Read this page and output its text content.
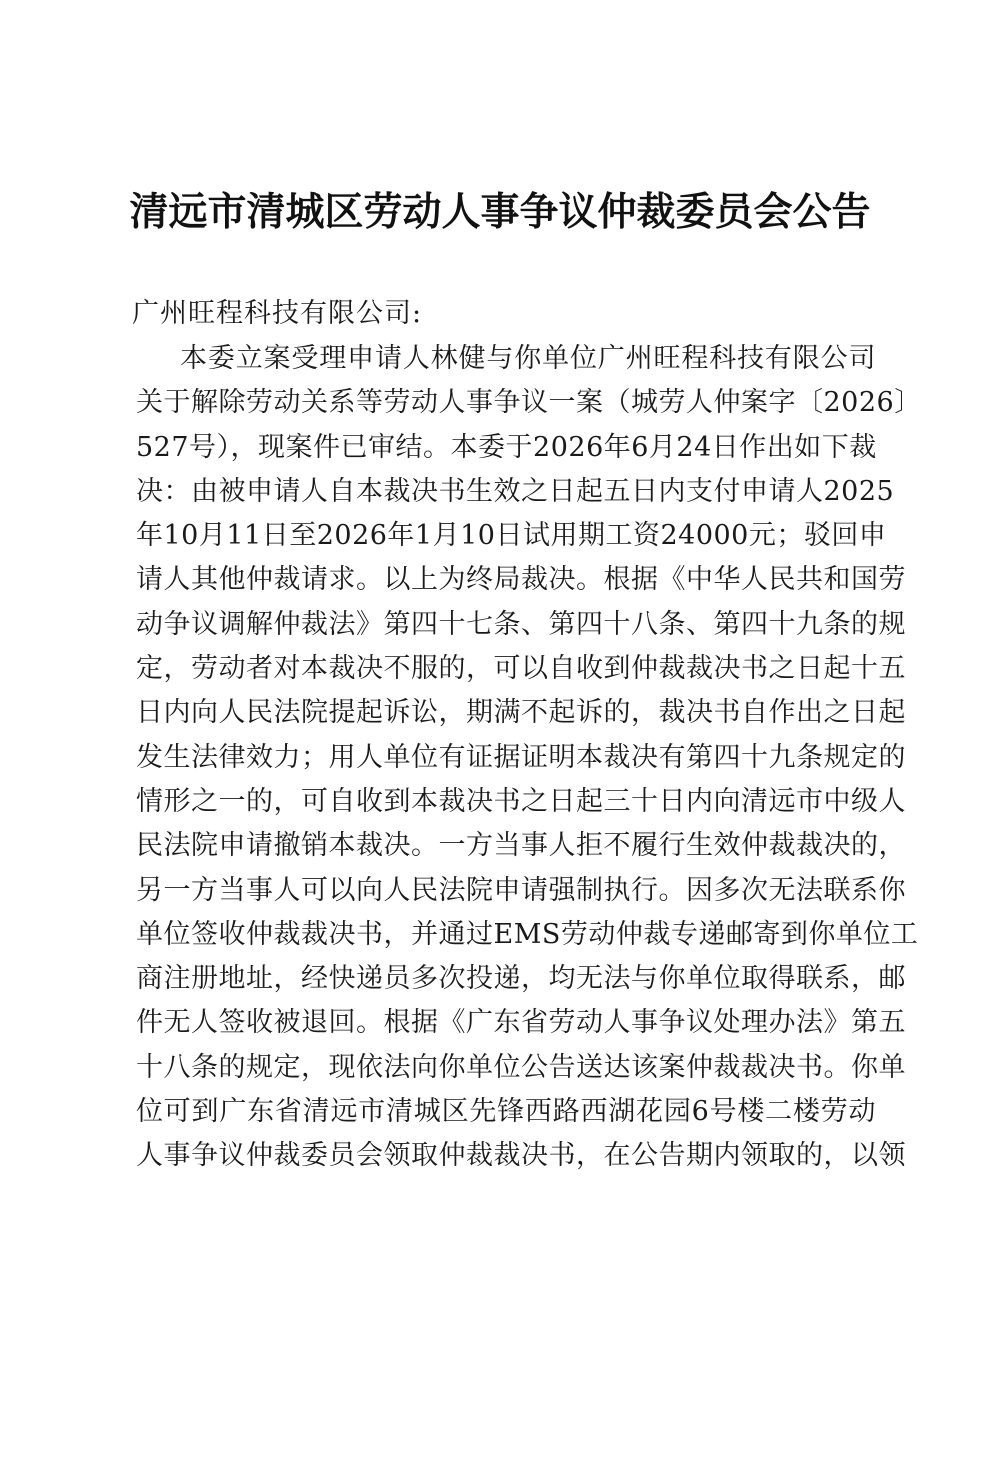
清远市清城区劳动人事争议仲裁委员会公告
广州旺程科技有限公司:
本委立案受理申请人林健与你单位广州旺程科技有限公司
关于解除劳动关系等劳动人事争议一案（城劳人仲案字〔2026〕
527号），现案件已审结。本委于2026年6月24日作出如下裁
决：由被申请人自本裁决书生效之日起五日内支付申请人2025
年10月11日至2026年1月10日试用期工资24000元；驳回申
请人其他仲裁请求。以上为终局裁决。根据《中华人民共和国劳
动争议调解仲裁法》第四十七条、第四十八条、第四十九条的规
定，劳动者对本裁决不服的，可以自收到仲裁裁决书之日起十五
日内向人民法院提起诉讼，期满不起诉的，裁决书自作出之日起
发生法律效力；用人单位有证据证明本裁决有第四十九条规定的
情形之一的，可自收到本裁决书之日起三十日内向清远市中级人
民法院申请撤销本裁决。一方当事人拒不履行生效仲裁裁决的，
另一方当事人可以向人民法院申请强制执行。因多次无法联系你
单位签收仲裁裁决书，并通过EMS劳动仲裁专递邮寄到你单位工
商注册地址，经快递员多次投递，均无法与你单位取得联系，邮
件无人签收被退回。根据《广东省劳动人事争议处理办法》第五
十八条的规定，现依法向你单位公告送达该案仲裁裁决书。你单
位可到广东省清远市清城区先锋西路西湖花园6号楼二楼劳动
人事争议仲裁委员会领取仲裁裁决书，在公告期内领取的，以领
